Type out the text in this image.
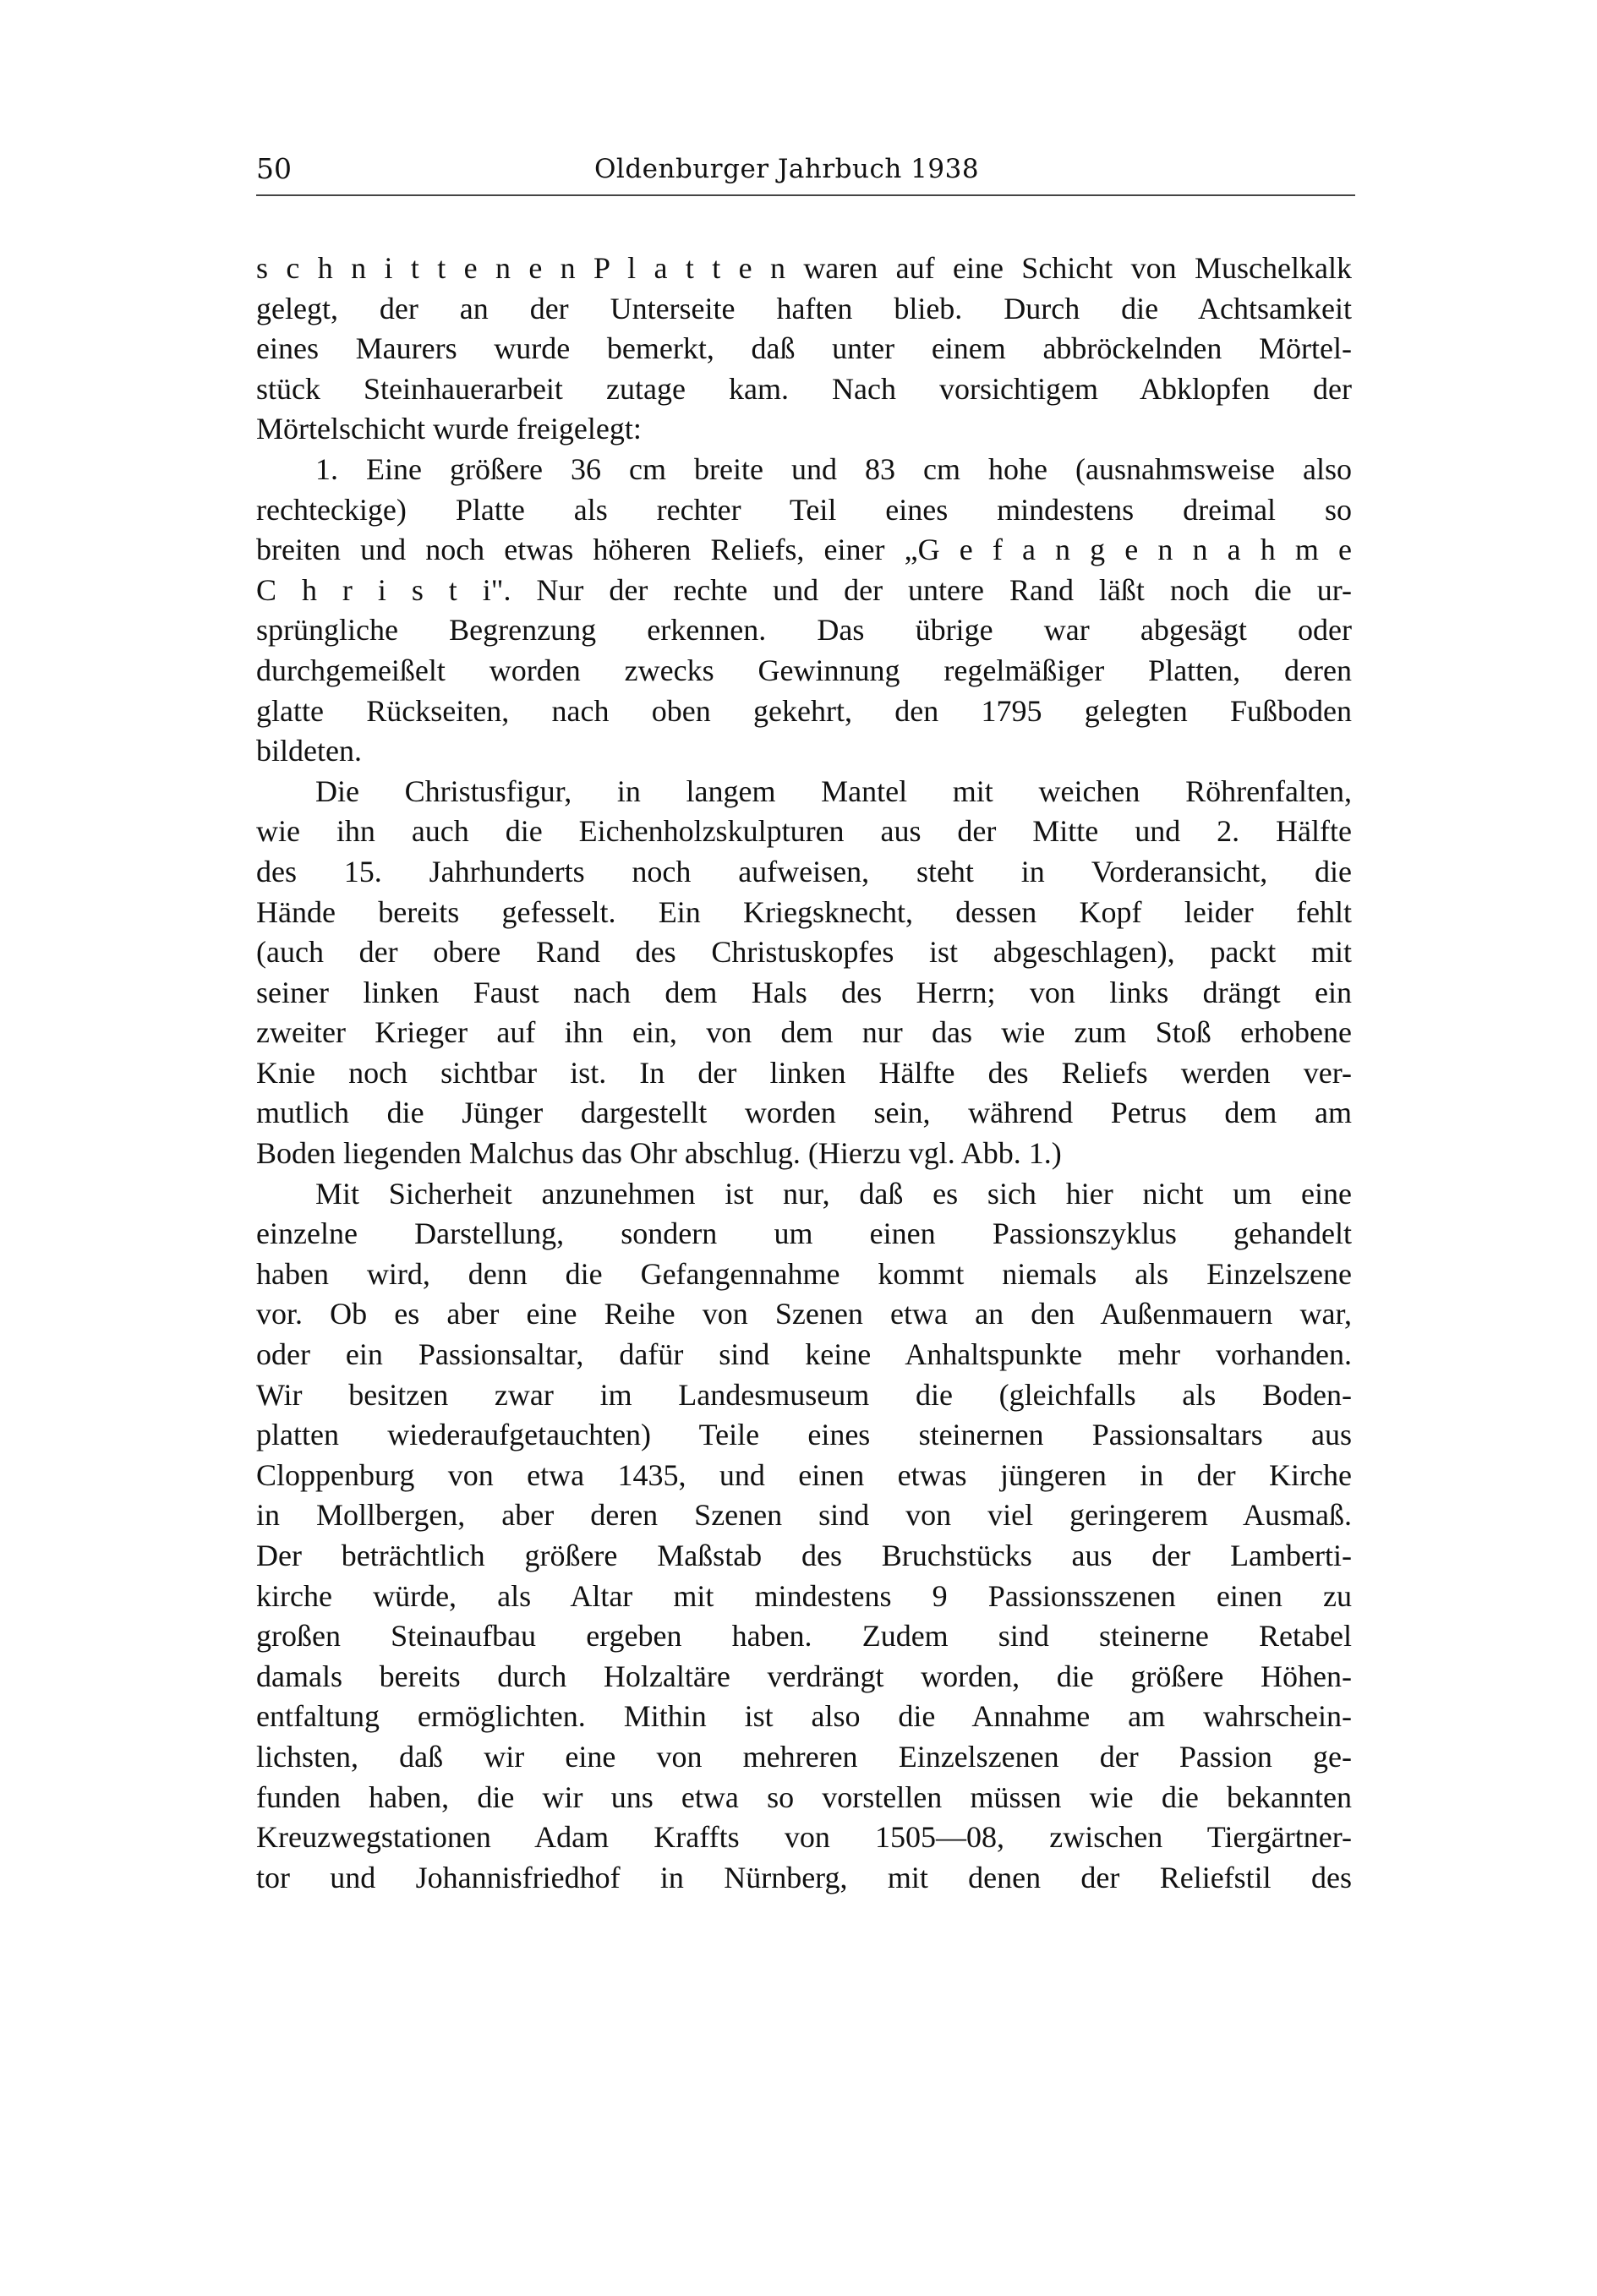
50	Oldenburger Jahrbuch 1938
s c h n i t t e n e n P l a t t e n waren auf eine Schicht von Muschelkalk
gelegt, der an der Unterseite haften blieb. Durch die Achtsamkeit
eines Maurers wurde bemerkt, daß unter einem abbröckelnden Mörtel-
stück Steinhauerarbeit zutage kam. Nach vorsichtigem Abklopfen der
Mörtelschicht wurde freigelegt:
1. Eine größere 36 cm breite und 83 cm hohe (ausnahmsweise also
rechteckige) Platte als rechter Teil eines mindestens dreimal so
breiten und noch etwas höheren Reliefs, einer „G e f a n g e n n a h m e
C h r i s t i". Nur der rechte und der untere Rand läßt noch die ur-
sprüngliche Begrenzung erkennen. Das übrige war abgesägt oder
durchgemeißelt worden zwecks Gewinnung regelmäßiger Platten, deren
glatte Rückseiten, nach oben gekehrt, den 1795 gelegten Fußboden
bildeten.
Die Christusfigur, in langem Mantel mit weichen Röhrenfalten,
wie ihn auch die Eichenholzskulpturen aus der Mitte und 2. Hälfte
des 15. Jahrhunderts noch aufweisen, steht in Vorderansicht, die
Hände bereits gefesselt. Ein Kriegsknecht, dessen Kopf leider fehlt
(auch der obere Rand des Christuskopfes ist abgeschlagen), packt mit
seiner linken Faust nach dem Hals des Herrn; von links drängt ein
zweiter Krieger auf ihn ein, von dem nur das wie zum Stoß erhobene
Knie noch sichtbar ist. In der linken Hälfte des Reliefs werden ver-
mutlich die Jünger dargestellt worden sein, während Petrus dem am
Boden liegenden Malchus das Ohr abschlug. (Hierzu vgl. Abb. 1.)
Mit Sicherheit anzunehmen ist nur, daß es sich hier nicht um eine
einzelne Darstellung, sondern um einen Passionszyklus gehandelt
haben wird, denn die Gefangennahme kommt niemals als Einzelszene
vor. Ob es aber eine Reihe von Szenen etwa an den Außenmauern war,
oder ein Passionsaltar, dafür sind keine Anhaltspunkte mehr vorhanden.
Wir besitzen zwar im Landesmuseum die (gleichfalls als Boden-
platten wiederaufgetauchten) Teile eines steinernen Passionsaltars aus
Cloppenburg von etwa 1435, und einen etwas jüngeren in der Kirche
in Mollbergen, aber deren Szenen sind von viel geringerem Ausmaß.
Der beträchtlich größere Maßstab des Bruchstücks aus der Lamberti-
kirche würde, als Altar mit mindestens 9 Passionsszenen einen zu
großen Steinaufbau ergeben haben. Zudem sind steinerne Retabel
damals bereits durch Holzaltäre verdrängt worden, die größere Höhen-
entfaltung ermöglichten. Mithin ist also die Annahme am wahrschein-
lichsten, daß wir eine von mehreren Einzelszenen der Passion ge-
funden haben, die wir uns etwa so vorstellen müssen wie die bekannten
Kreuzwegstationen Adam Kraffts von 1505—08, zwischen Tiergärtner-
tor und Johannisfriedhof in Nürnberg, mit denen der Reliefstil des
